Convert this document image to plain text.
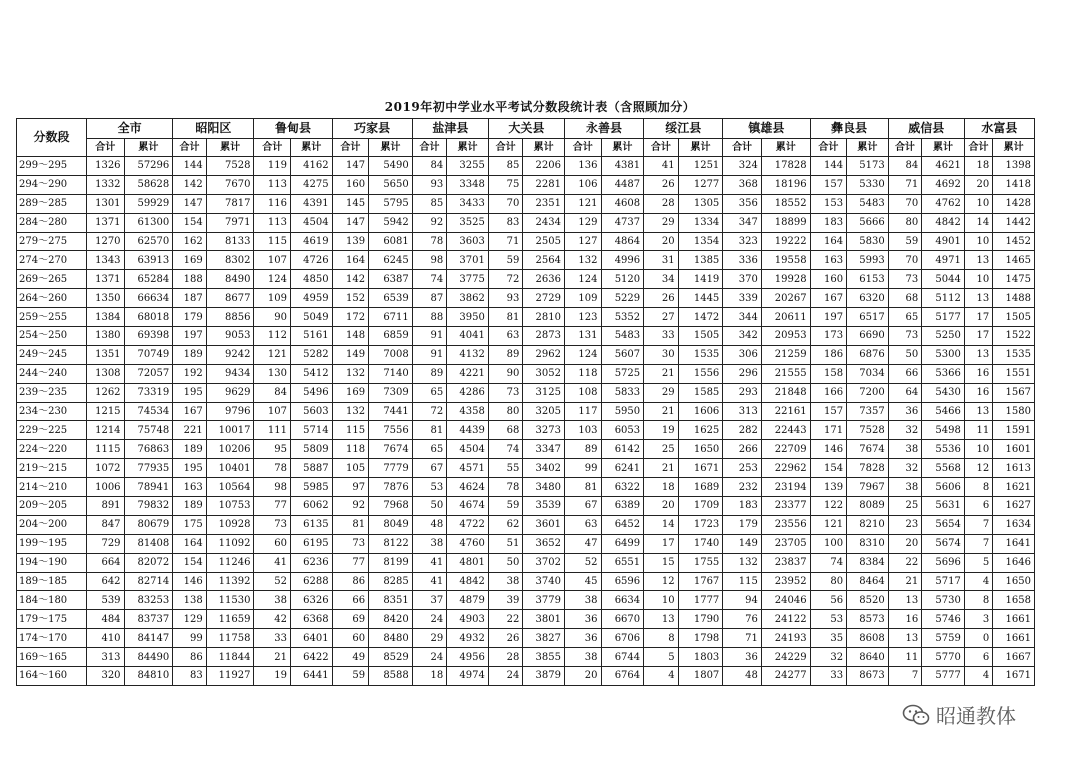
2019年初中学业水平考试分数段统计表（含照顾加分）
分数段	全市		昭阳区		鲁甸县		巧家县		盐津县		大关县		永善县		绥江县		镇雄县		彝良县		威信县		水富县	
	合计	累计	合计	累计	合计	累计	合计	累计	合计	累计	合计	累计	合计	累计	合计	累计	合计	累计	合计	累计	合计	累计	合计	累计
299～295	1326	57296	144	7528	119	4162	147	5490	84	3255	85	2206	136	4381	41	1251	324	17828	144	5173	84	4621	18	1398
294～290	1332	58628	142	7670	113	4275	160	5650	93	3348	75	2281	106	4487	26	1277	368	18196	157	5330	71	4692	20	1418
289～285	1301	59929	147	7817	116	4391	145	5795	85	3433	70	2351	121	4608	28	1305	356	18552	153	5483	70	4762	10	1428
284～280	1371	61300	154	7971	113	4504	147	5942	92	3525	83	2434	129	4737	29	1334	347	18899	183	5666	80	4842	14	1442
279～275	1270	62570	162	8133	115	4619	139	6081	78	3603	71	2505	127	4864	20	1354	323	19222	164	5830	59	4901	10	1452
274～270	1343	63913	169	8302	107	4726	164	6245	98	3701	59	2564	132	4996	31	1385	336	19558	163	5993	70	4971	13	1465
269～265	1371	65284	188	8490	124	4850	142	6387	74	3775	72	2636	124	5120	34	1419	370	19928	160	6153	73	5044	10	1475
264～260	1350	66634	187	8677	109	4959	152	6539	87	3862	93	2729	109	5229	26	1445	339	20267	167	6320	68	5112	13	1488
259～255	1384	68018	179	8856	90	5049	172	6711	88	3950	81	2810	123	5352	27	1472	344	20611	197	6517	65	5177	17	1505
254～250	1380	69398	197	9053	112	5161	148	6859	91	4041	63	2873	131	5483	33	1505	342	20953	173	6690	73	5250	17	1522
249～245	1351	70749	189	9242	121	5282	149	7008	91	4132	89	2962	124	5607	30	1535	306	21259	186	6876	50	5300	13	1535
244～240	1308	72057	192	9434	130	5412	132	7140	89	4221	90	3052	118	5725	21	1556	296	21555	158	7034	66	5366	16	1551
239～235	1262	73319	195	9629	84	5496	169	7309	65	4286	73	3125	108	5833	29	1585	293	21848	166	7200	64	5430	16	1567
234～230	1215	74534	167	9796	107	5603	132	7441	72	4358	80	3205	117	5950	21	1606	313	22161	157	7357	36	5466	13	1580
229～225	1214	75748	221	10017	111	5714	115	7556	81	4439	68	3273	103	6053	19	1625	282	22443	171	7528	32	5498	11	1591
224～220	1115	76863	189	10206	95	5809	118	7674	65	4504	74	3347	89	6142	25	1650	266	22709	146	7674	38	5536	10	1601
219～215	1072	77935	195	10401	78	5887	105	7779	67	4571	55	3402	99	6241	21	1671	253	22962	154	7828	32	5568	12	1613
214～210	1006	78941	163	10564	98	5985	97	7876	53	4624	78	3480	81	6322	18	1689	232	23194	139	7967	38	5606	8	1621
209～205	891	79832	189	10753	77	6062	92	7968	50	4674	59	3539	67	6389	20	1709	183	23377	122	8089	25	5631	6	1627
204～200	847	80679	175	10928	73	6135	81	8049	48	4722	62	3601	63	6452	14	1723	179	23556	121	8210	23	5654	7	1634
199～195	729	81408	164	11092	60	6195	73	8122	38	4760	51	3652	47	6499	17	1740	149	23705	100	8310	20	5674	7	1641
194～190	664	82072	154	11246	41	6236	77	8199	41	4801	50	3702	52	6551	15	1755	132	23837	74	8384	22	5696	5	1646
189～185	642	82714	146	11392	52	6288	86	8285	41	4842	38	3740	45	6596	12	1767	115	23952	80	8464	21	5717	4	1650
184～180	539	83253	138	11530	38	6326	66	8351	37	4879	39	3779	38	6634	10	1777	94	24046	56	8520	13	5730	8	1658
179～175	484	83737	129	11659	42	6368	69	8420	24	4903	22	3801	36	6670	13	1790	76	24122	53	8573	16	5746	3	1661
174～170	410	84147	99	11758	33	6401	60	8480	29	4932	26	3827	36	6706	8	1798	71	24193	35	8608	13	5759	0	1661
169～165	313	84490	86	11844	21	6422	49	8529	24	4956	28	3855	38	6744	5	1803	36	24229	32	8640	11	5770	6	1667
164～160	320	84810	83	11927	19	6441	59	8588	18	4974	24	3879	20	6764	4	1807	48	24277	33	8673	7	5777	4	1671
昭通教体
